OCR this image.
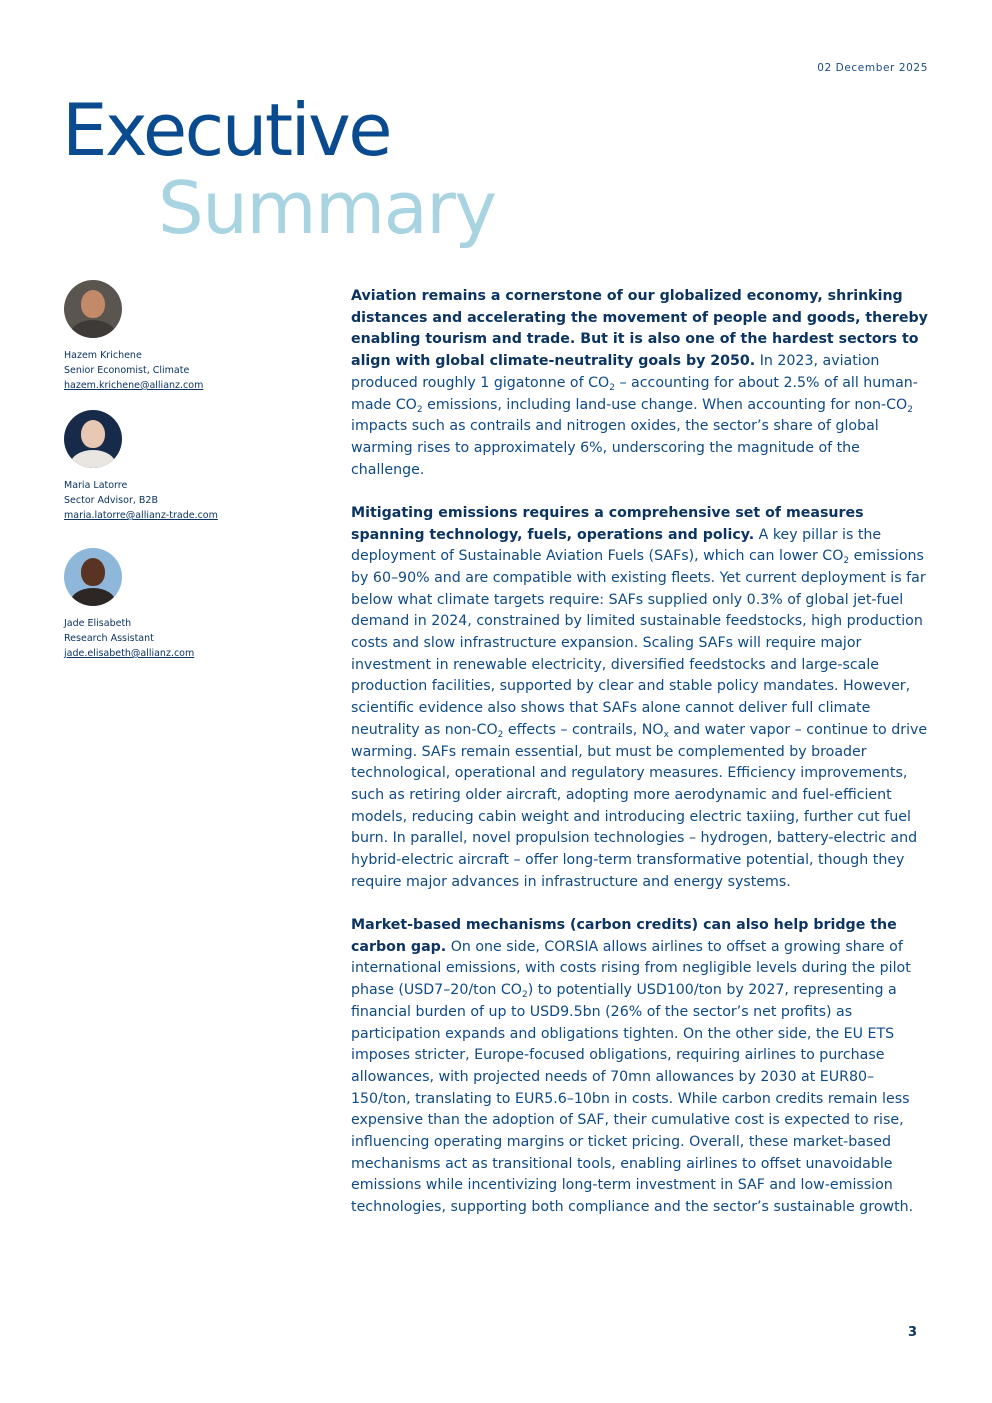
02 December 2025
Executive
Summary
Hazem Krichene
Senior Economist, Climate
hazem.krichene@allianz.com
Maria Latorre
Sector Advisor, B2B
maria.latorre@allianz-trade.com
Jade Elisabeth
Research Assistant
jade.elisabeth@allianz.com

Aviation remains a cornerstone of our globalized economy, shrinking distances and accelerating the movement of people and goods, thereby enabling tourism and trade. But it is also one of the hardest sectors to align with global climate-neutrality goals by 2050. In 2023, aviation produced roughly 1 gigatonne of $CO_2$ – accounting for about 2.5% of all human-made $CO_2$ emissions, including land-use change. When accounting for non-$CO_2$ impacts such as contrails and nitrogen oxides, the sector’s share of global warming rises to approximately 6%, underscoring the magnitude of the challenge.

Mitigating emissions requires a comprehensive set of measures spanning technology, fuels, operations and policy. A key pillar is the deployment of Sustainable Aviation Fuels (SAFs), which can lower $CO_2$ emissions by 60–90% and are compatible with existing fleets. Yet current deployment is far below what climate targets require: SAFs supplied only 0.3% of global jet-fuel demand in 2024, constrained by limited sustainable feedstocks, high production costs and slow infrastructure expansion. Scaling SAFs will require major investment in renewable electricity, diversified feedstocks and large-scale production facilities, supported by clear and stable policy mandates. However, scientific evidence also shows that SAFs alone cannot deliver full climate neutrality as non-$CO_2$ effects – contrails, $NO_x$ and water vapor – continue to drive warming. SAFs remain essential, but must be complemented by broader technological, operational and regulatory measures. Efficiency improvements, such as retiring older aircraft, adopting more aerodynamic and fuel-efficient models, reducing cabin weight and introducing electric taxiing, further cut fuel burn. In parallel, novel propulsion technologies – hydrogen, battery-electric and hybrid-electric aircraft – offer long-term transformative potential, though they require major advances in infrastructure and energy systems.

Market-based mechanisms (carbon credits) can also help bridge the carbon gap. On one side, CORSIA allows airlines to offset a growing share of international emissions, with costs rising from negligible levels during the pilot phase (USD7–20/ton $CO_2$) to potentially USD100/ton by 2027, representing a financial burden of up to USD9.5bn (26% of the sector’s net profits) as participation expands and obligations tighten. On the other side, the EU ETS imposes stricter, Europe-focused obligations, requiring airlines to purchase allowances, with projected needs of 70mn allowances by 2030 at EUR80–150/ton, translating to EUR5.6–10bn in costs. While carbon credits remain less expensive than the adoption of SAF, their cumulative cost is expected to rise, influencing operating margins or ticket pricing. Overall, these market-based mechanisms act as transitional tools, enabling airlines to offset unavoidable emissions while incentivizing long-term investment in SAF and low-emission technologies, supporting both compliance and the sector’s sustainable growth.

3
